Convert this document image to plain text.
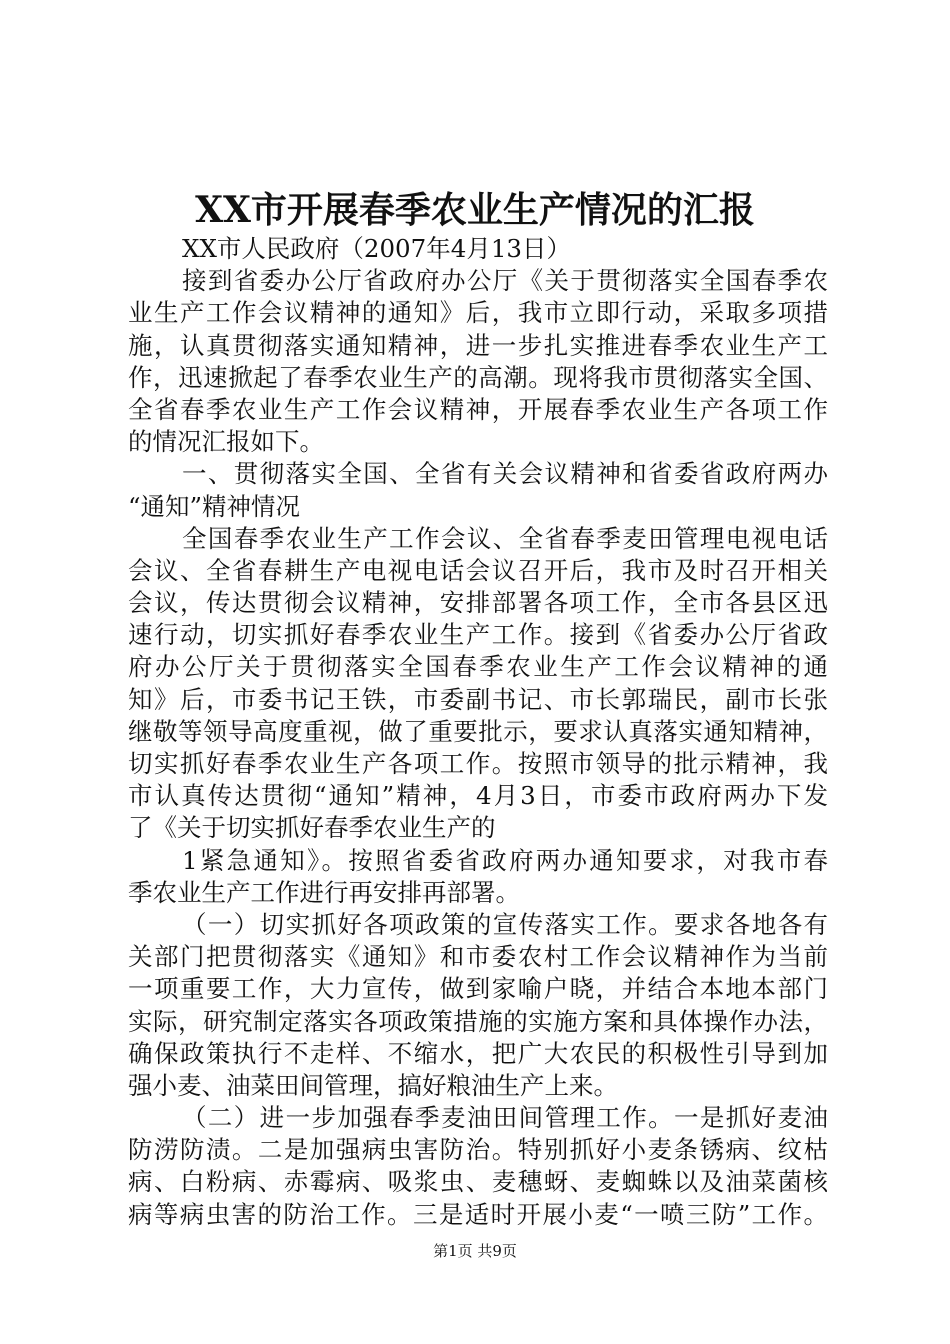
XX市开展春季农业生产情况的汇报
XX市人民政府（2007年4月13日）
接到省委办公厅省政府办公厅《关于贯彻落实全国春季农
业生产工作会议精神的通知》后，我市立即行动，采取多项措
施，认真贯彻落实通知精神，进一步扎实推进春季农业生产工
作，迅速掀起了春季农业生产的高潮。现将我市贯彻落实全国、
全省春季农业生产工作会议精神，开展春季农业生产各项工作
的情况汇报如下。
一、贯彻落实全国、全省有关会议精神和省委省政府两办
“通知”精神情况
全国春季农业生产工作会议、全省春季麦田管理电视电话
会议、全省春耕生产电视电话会议召开后，我市及时召开相关
会议，传达贯彻会议精神，安排部署各项工作，全市各县区迅
速行动，切实抓好春季农业生产工作。接到《省委办公厅省政
府办公厅关于贯彻落实全国春季农业生产工作会议精神的通
知》后，市委书记王铁，市委副书记、市长郭瑞民，副市长张
继敬等领导高度重视，做了重要批示，要求认真落实通知精神，
切实抓好春季农业生产各项工作。按照市领导的批示精神，我
市认真传达贯彻“通知”精神，4月3日，市委市政府两办下发
了《关于切实抓好春季农业生产的
1紧急通知》。按照省委省政府两办通知要求，对我市春
季农业生产工作进行再安排再部署。
（一）切实抓好各项政策的宣传落实工作。要求各地各有
关部门把贯彻落实《通知》和市委农村工作会议精神作为当前
一项重要工作，大力宣传，做到家喻户晓，并结合本地本部门
实际，研究制定落实各项政策措施的实施方案和具体操作办法，
确保政策执行不走样、不缩水，把广大农民的积极性引导到加
强小麦、油菜田间管理，搞好粮油生产上来。
（二）进一步加强春季麦油田间管理工作。一是抓好麦油
防涝防渍。二是加强病虫害防治。特别抓好小麦条锈病、纹枯
病、白粉病、赤霉病、吸浆虫、麦穗蚜、麦蜘蛛以及油菜菌核
病等病虫害的防治工作。三是适时开展小麦“一喷三防”工作。
第1页 共9页
